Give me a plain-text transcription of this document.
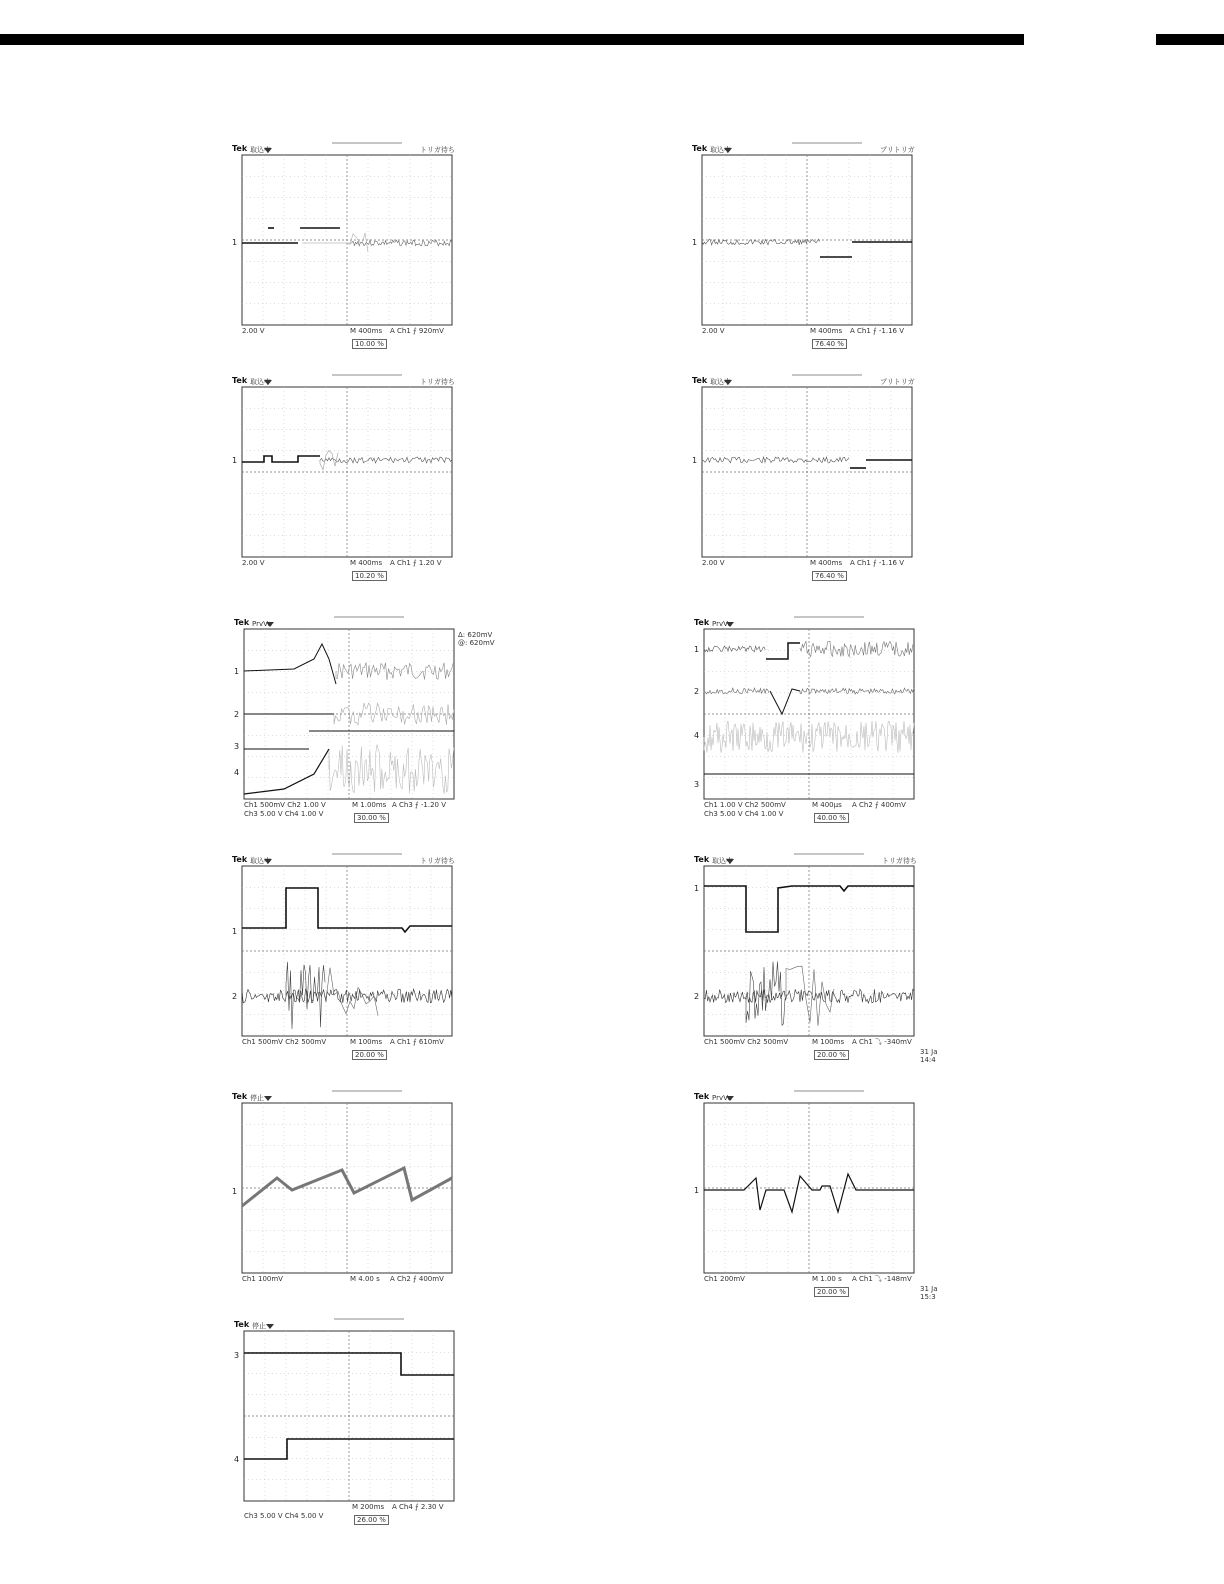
1
Tek 取込中	トリガ待ち
2.00 V	M 400ms A Ch1 ⨍ 920mV
10.00 %
1
Tek 取込中	プリトリガ
2.00 V	M 400ms A Ch1 ⨍ -1.16 V
76.40 %
1
Tek 取込中	トリガ待ち
2.00 V	M 400ms A Ch1 ⨍ 1.20 V
10.20 %
1
Tek 取込中	プリトリガ
2.00 V	M 400ms A Ch1 ⨍ -1.16 V
76.40 %
1
2
3
4
Tek PrvVu
Ch1 500mV Ch2 1.00 V
Ch3 5.00 V Ch4 1.00 V
M 1.00ms A Ch3 ⨍ -1.20 V
30.00 %
Δ: 620mV
@: 620mV
1
2
4
3
Tek PrvVu
Ch1 1.00 V Ch2 500mV
Ch3 5.00 V Ch4 1.00 V
M 400μs A Ch2 ⨍ 400mV
40.00 %
1
2
Tek 取込中	トリガ待ち
Ch1 500mV Ch2 500mV	M 100ms A Ch1 ⨍ 610mV
20.00 %
1
2
Tek 取込中	トリガ待ち
Ch1 500mV Ch2 500mV	M 100ms A Ch1 ⤵ -340mV
20.00 %	31 Ja
14:4
1
Tek 停止
Ch1 100mV	M 4.00 s A Ch2 ⨍ 400mV
1
Tek PrvVu
Ch1 200mV	M 1.00 s A Ch1 ⤵ -148mV
20.00 %	31 Ja
15:3
3
4
Tek 停止
Ch3 5.00 V Ch4 5.00 V
M 200ms A Ch4 ⨍ 2.30 V
26.00 %
